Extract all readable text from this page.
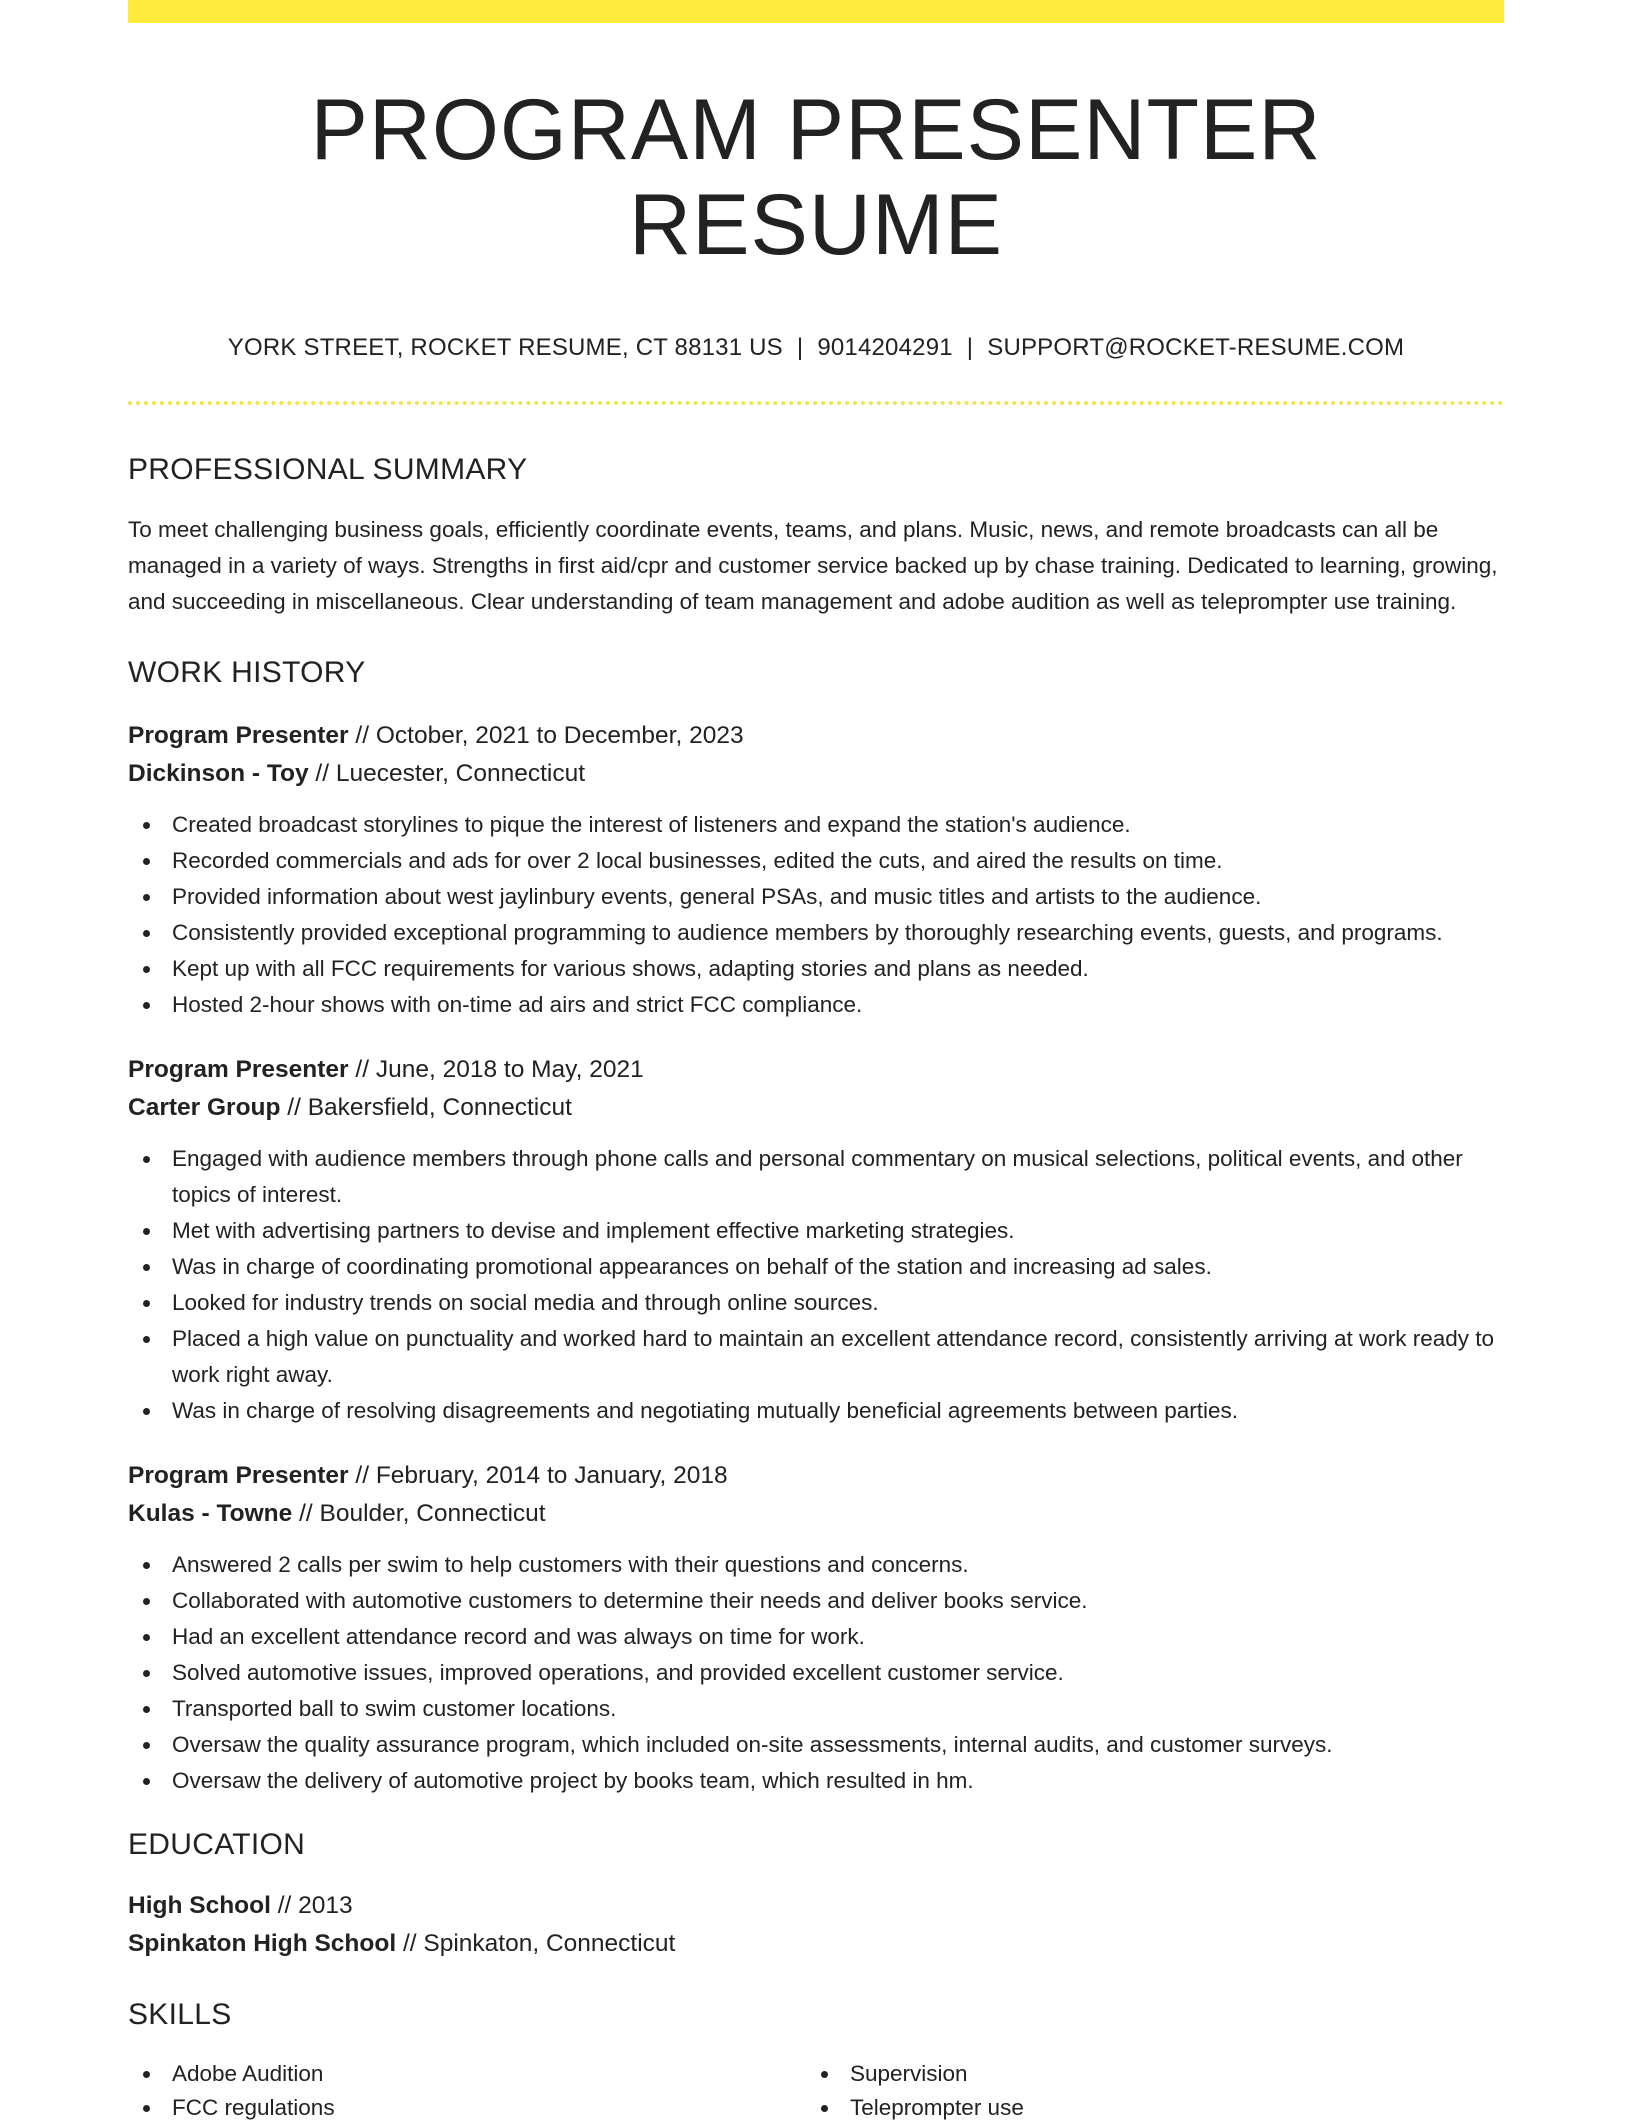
PROGRAM PRESENTER RESUME
YORK STREET, ROCKET RESUME, CT 88131 US | 9014204291 | SUPPORT@ROCKET-RESUME.COM
PROFESSIONAL SUMMARY

To meet challenging business goals, efficiently coordinate events, teams, and plans. Music, news, and remote broadcasts can all be managed in a variety of ways. Strengths in first aid/cpr and customer service backed up by chase training. Dedicated to learning, growing, and succeeding in miscellaneous. Clear understanding of team management and adobe audition as well as teleprompter use training.

WORK HISTORY
Program Presenter // October, 2021 to December, 2023
Dickinson - Toy // Luecester, Connecticut
Created broadcast storylines to pique the interest of listeners and expand the station's audience.
Recorded commercials and ads for over 2 local businesses, edited the cuts, and aired the results on time.
Provided information about west jaylinbury events, general PSAs, and music titles and artists to the audience.
Consistently provided exceptional programming to audience members by thoroughly researching events, guests, and programs.
Kept up with all FCC requirements for various shows, adapting stories and plans as needed.
Hosted 2-hour shows with on-time ad airs and strict FCC compliance.
Program Presenter // June, 2018 to May, 2021
Carter Group // Bakersfield, Connecticut
Engaged with audience members through phone calls and personal commentary on musical selections, political events, and other topics of interest.
Met with advertising partners to devise and implement effective marketing strategies.
Was in charge of coordinating promotional appearances on behalf of the station and increasing ad sales.
Looked for industry trends on social media and through online sources.
Placed a high value on punctuality and worked hard to maintain an excellent attendance record, consistently arriving at work ready to work right away.
Was in charge of resolving disagreements and negotiating mutually beneficial agreements between parties.
Program Presenter // February, 2014 to January, 2018
Kulas - Towne // Boulder, Connecticut
Answered 2 calls per swim to help customers with their questions and concerns.
Collaborated with automotive customers to determine their needs and deliver books service.
Had an excellent attendance record and was always on time for work.
Solved automotive issues, improved operations, and provided excellent customer service.
Transported ball to swim customer locations.
Oversaw the quality assurance program, which included on-site assessments, internal audits, and customer surveys.
Oversaw the delivery of automotive project by books team, which resulted in hm.
EDUCATION
High School // 2013
Spinkaton High School // Spinkaton, Connecticut
SKILLS
Adobe Audition
FCC regulations
Supervision
Teleprompter use
